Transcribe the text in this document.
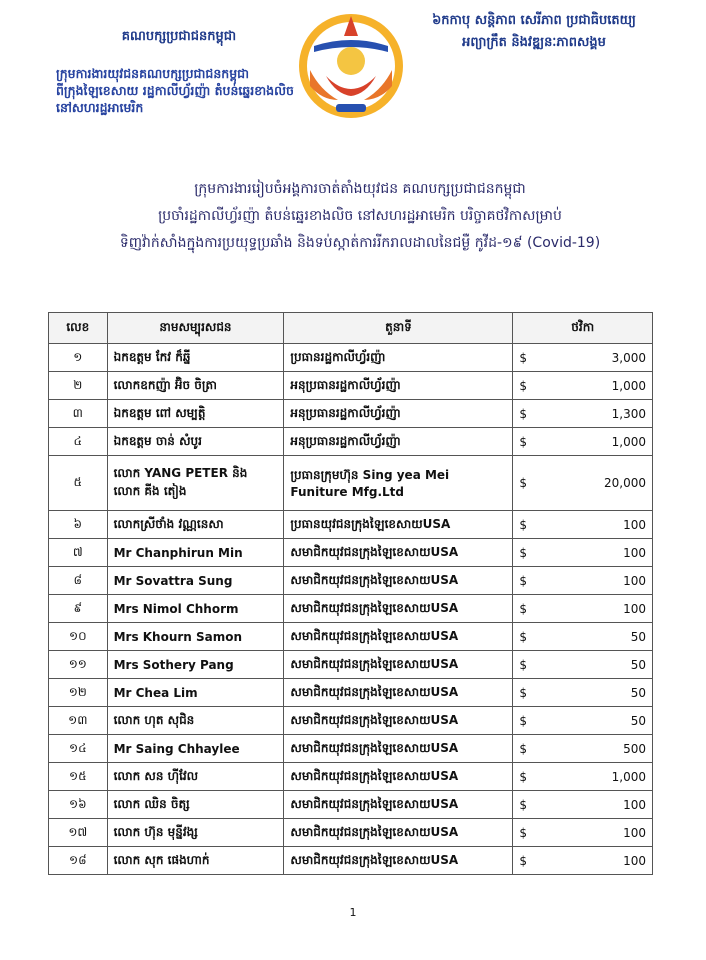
គណបក្សប្រជាជនកម្ពុជា
ក្រុមការងារយុវជនគណបក្សប្រជាជនកម្ពុជា
ពីក្រុងឡៃខេសាយ រដ្ឋកាលីហ្វ័រញ៉ា តំបន់ឆ្នេរខាងលិច
នៅសហរដ្ឋអាមេរិក
៦កកាបុ សន្តិភាព សេរីភាព ប្រជាធិបតេយ្យ
អព្យាក្រឹត និងវឌ្ឍនៈភាពសង្គម
ក្រុមការងាររៀបចំអង្គការចាត់តាំងយុវជន គណបក្សប្រជាជនកម្ពុជា
ប្រចាំរដ្ឋកាលីហ្វ័រញ៉ា តំបន់ឆ្នេរខាងលិច នៅសហរដ្ឋអាមេរិក បរិច្ចាគថវិកាសម្រាប់
ទិញវ៉ាក់សាំងក្នុងការប្រយុទ្ធប្រឆាំង និងទប់ស្កាត់ការរីករាលដាលនៃជម្ងឺ កូវីដ-១៩ (Covid-19)
លេខ	នាមសម្បុរសជន	តួនាទី	ថវិកា
១	ឯកឧត្តម កែវ ក៏ឆ្នី	ប្រធានរដ្ឋកាលីហ្វ័រញ៉ា	$ 3,000

២	លោកឧកញ៉ា អ៊ិច ចិត្រា	អនុប្រធានរដ្ឋកាលីហ្វ័រញ៉ា	$ 1,000

៣	ឯកឧត្តម ពៅ សម្បត្តិ	អនុប្រធានរដ្ឋកាលីហ្វ័រញ៉ា	$ 1,300

៤	ឯកឧត្តម ចាន់ សំបូរ	អនុប្រធានរដ្ឋកាលីហ្វ័រញ៉ា	$ 1,000

៥	លោក YANG PETER និង លោក គីង តៀង	ប្រធានក្រុមហ៊ុន Sing yea Mei Funiture Mfg.Ltd	$ 20,000

៦	លោកស្រីថាំង វណ្ណនេសា	ប្រធានយុវជនក្រុងឡៃខេសាយUSA	$ 100

៧	Mr Chanphirun Min	សមាជិកយុវជនក្រុងឡៃខេសាយUSA	$ 100

៨	Mr Sovattra Sung	សមាជិកយុវជនក្រុងឡៃខេសាយUSA	$ 100

៩	Mrs Nimol Chhorm	សមាជិកយុវជនក្រុងឡៃខេសាយUSA	$ 100

១០	Mrs Khourn Samon	សមាជិកយុវជនក្រុងឡៃខេសាយUSA	$ 50

១១	Mrs Sothery Pang	សមាជិកយុវជនក្រុងឡៃខេសាយUSA	$ 50

១២	Mr Chea Lim	សមាជិកយុវជនក្រុងឡៃខេសាយUSA	$ 50

១៣	លោក ហុត សុជិន	សមាជិកយុវជនក្រុងឡៃខេសាយUSA	$ 50

១៤	Mr Saing Chhaylee	សមាជិកយុវជនក្រុងឡៃខេសាយUSA	$ 500

១៥	លោក សន ហ៊ីវែល	សមាជិកយុវជនក្រុងឡៃខេសាយUSA	$ 1,000

១៦	លោក ឈិន ចិត្ស	សមាជិកយុវជនក្រុងឡៃខេសាយUSA	$ 100

១៧	លោក ហ៊ុន មុន្នីវង្ស	សមាជិកយុវជនក្រុងឡៃខេសាយUSA	$ 100

១៨	លោក សុក ផេងហាក់	សមាជិកយុវជនក្រុងឡៃខេសាយUSA	$ 100
1
